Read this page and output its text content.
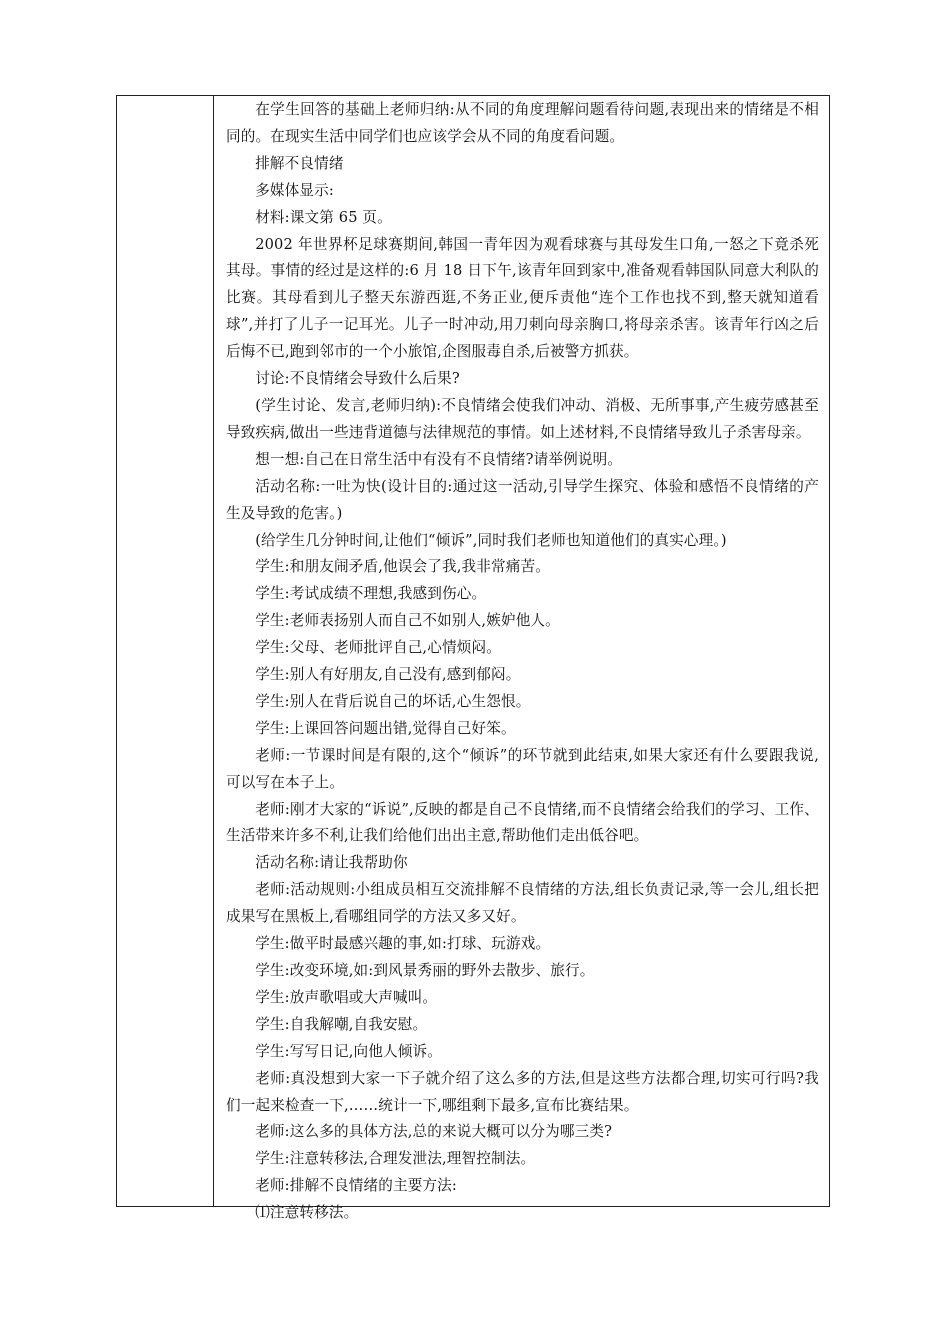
在学生回答的基础上老师归纳:从不同的角度理解问题看待问题,表现出来的情绪是不相同的。在现实生活中同学们也应该学会从不同的角度看问题。

排解不良情绪

多媒体显示:

材料:课文第 65 页。

2002 年世界杯足球赛期间,韩国一青年因为观看球赛与其母发生口角,一怒之下竟杀死其母。事情的经过是这样的:6 月 18 日下午,该青年回到家中,准备观看韩国队同意大利队的比赛。其母看到儿子整天东游西逛,不务正业,便斥责他“连个工作也找不到,整天就知道看球”,并打了儿子一记耳光。儿子一时冲动,用刀刺向母亲胸口,将母亲杀害。该青年行凶之后后悔不已,跑到邻市的一个小旅馆,企图服毒自杀,后被警方抓获。

讨论:不良情绪会导致什么后果?

(学生讨论、发言,老师归纳):不良情绪会使我们冲动、消极、无所事事,产生疲劳感甚至导致疾病,做出一些违背道德与法律规范的事情。如上述材料,不良情绪导致儿子杀害母亲。

想一想:自己在日常生活中有没有不良情绪?请举例说明。

活动名称:一吐为快(设计目的:通过这一活动,引导学生探究、体验和感悟不良情绪的产生及导致的危害。)

(给学生几分钟时间,让他们“倾诉”,同时我们老师也知道他们的真实心理。)

学生:和朋友闹矛盾,他误会了我,我非常痛苦。

学生:考试成绩不理想,我感到伤心。

学生:老师表扬别人而自己不如别人,嫉妒他人。

学生:父母、老师批评自己,心情烦闷。

学生:别人有好朋友,自己没有,感到郁闷。

学生:别人在背后说自己的坏话,心生怨恨。

学生:上课回答问题出错,觉得自己好笨。

老师:一节课时间是有限的,这个“倾诉”的环节就到此结束,如果大家还有什么要跟我说,可以写在本子上。

老师:刚才大家的“诉说”,反映的都是自己不良情绪,而不良情绪会给我们的学习、工作、生活带来许多不利,让我们给他们出出主意,帮助他们走出低谷吧。

活动名称:请让我帮助你

老师:活动规则:小组成员相互交流排解不良情绪的方法,组长负责记录,等一会儿,组长把成果写在黑板上,看哪组同学的方法又多又好。

学生:做平时最感兴趣的事,如:打球、玩游戏。

学生:改变环境,如:到风景秀丽的野外去散步、旅行。

学生:放声歌唱或大声喊叫。

学生:自我解嘲,自我安慰。

学生:写写日记,向他人倾诉。

老师:真没想到大家一下子就介绍了这么多的方法,但是这些方法都合理,切实可行吗?我们一起来检查一下,……统计一下,哪组剩下最多,宣布比赛结果。

老师:这么多的具体方法,总的来说大概可以分为哪三类?

学生:注意转移法,合理发泄法,理智控制法。

老师:排解不良情绪的主要方法:

⑴注意转移法。
